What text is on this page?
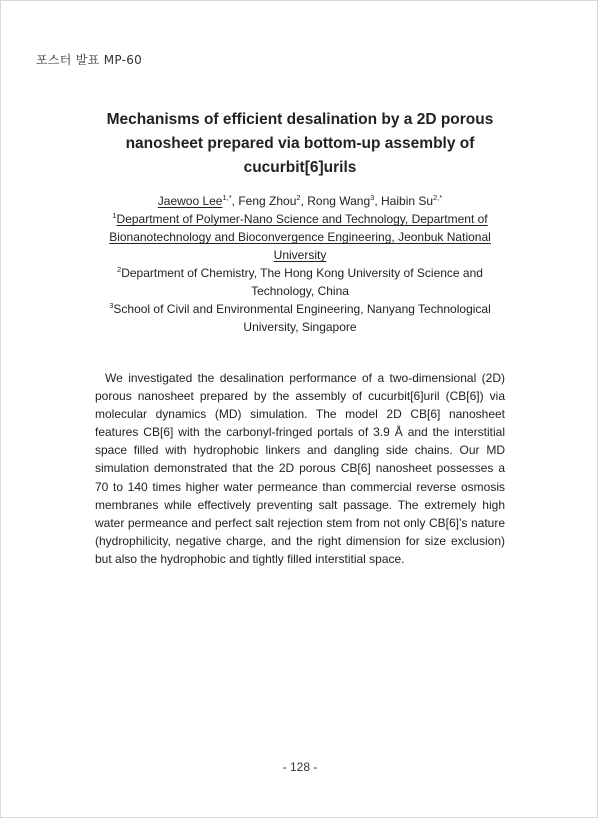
포스터 발표 MP-60
Mechanisms of efficient desalination by a 2D porous
nanosheet prepared via bottom-up assembly of
cucurbit[6]urils
Jaewoo Lee$^{1,*}$, Feng Zhou$^2$, Rong Wang$^3$, Haibin $Su^{2,*}$
$^1$Department of Polymer-Nano Science and Technology, Department of
Bionanotechnology and Bioconvergence Engineering, Jeonbuk National
University
$^2$Department of Chemistry, The Hong Kong University of Science and
Technology, China
$^3$School of Civil and Environmental Engineering, Nanyang Technological
University, Singapore

We investigated the desalination performance of a two-dimensional (2D) porous nanosheet prepared by the assembly of cucurbit[6]uril (CB[6]) via molecular dynamics (MD) simulation. The model 2D CB[6] nanosheet features CB[6] with the carbonyl-fringed portals of 3.9 Å and the interstitial space filled with hydrophobic linkers and dangling side chains. Our MD simulation demonstrated that the 2D porous CB[6] nanosheet possesses a 70 to 140 times higher water permeance than commercial reverse osmosis membranes while effectively preventing salt passage. The extremely high water permeance and perfect salt rejection stem from not only CB[6]’s nature (hydrophilicity, negative charge, and the right dimension for size exclusion) but also the hydrophobic and tightly filled interstitial space.

- 128 -
